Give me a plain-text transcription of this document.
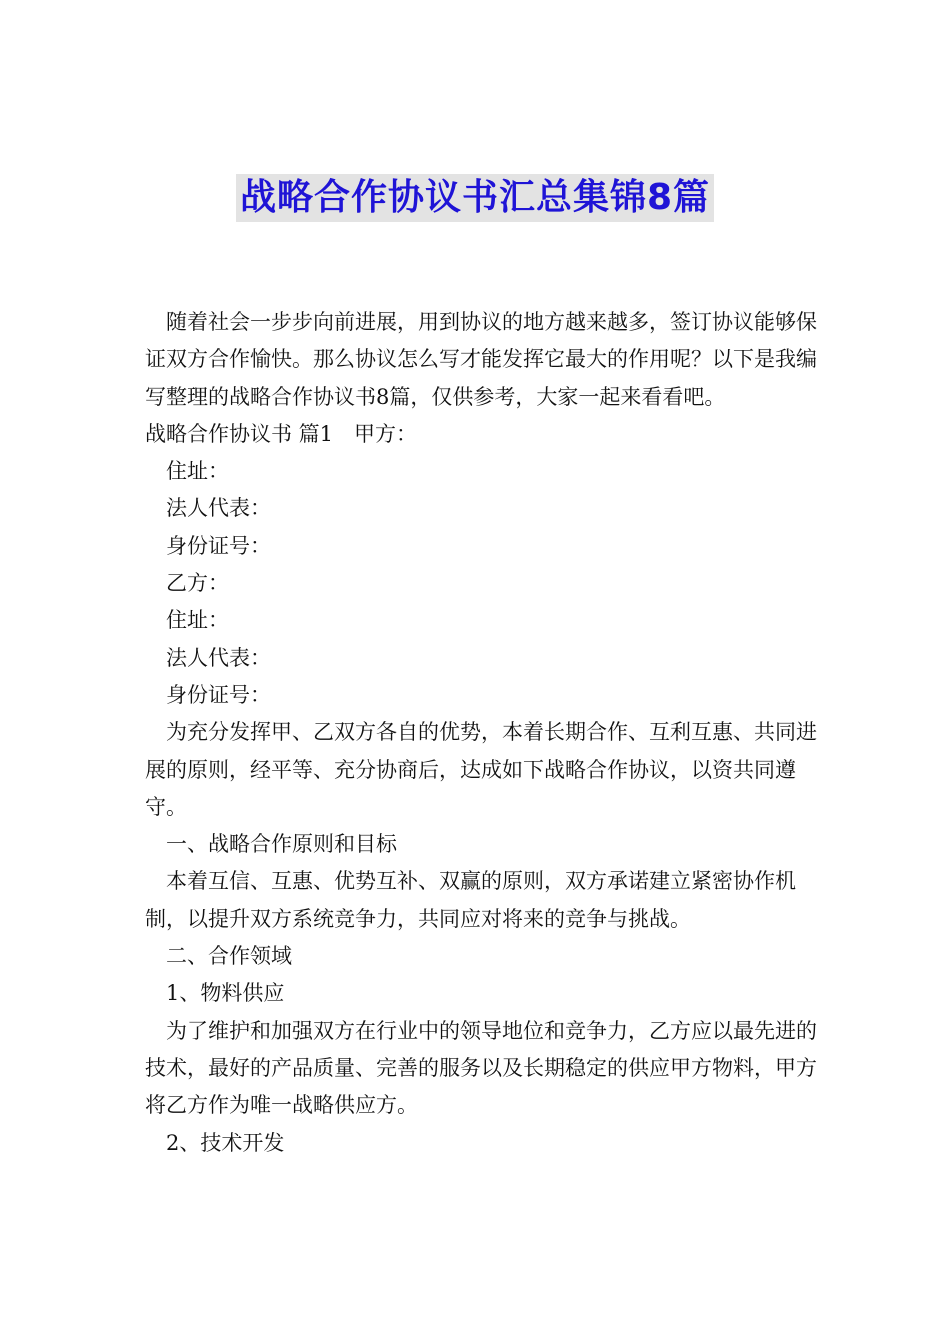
战略合作协议书汇总集锦8篇

随着社会一步步向前进展，用到协议的地方越来越多，签订协议能够保证双方合作愉快。那么协议怎么写才能发挥它最大的作用呢？以下是我编写整理的战略合作协议书8篇，仅供参考，大家一起来看看吧。

战略合作协议书 篇1　甲方：

住址：

法人代表：

身份证号：

乙方：

住址：

法人代表：

身份证号：

为充分发挥甲、乙双方各自的优势，本着长期合作、互利互惠、共同进展的原则，经平等、充分协商后，达成如下战略合作协议，以资共同遵守。

一、战略合作原则和目标

本着互信、互惠、优势互补、双赢的原则，双方承诺建立紧密协作机制，以提升双方系统竞争力，共同应对将来的竞争与挑战。

二、合作领域

1、物料供应

为了维护和加强双方在行业中的领导地位和竞争力，乙方应以最先进的技术，最好的产品质量、完善的服务以及长期稳定的供应甲方物料，甲方将乙方作为唯一战略供应方。

2、技术开发
